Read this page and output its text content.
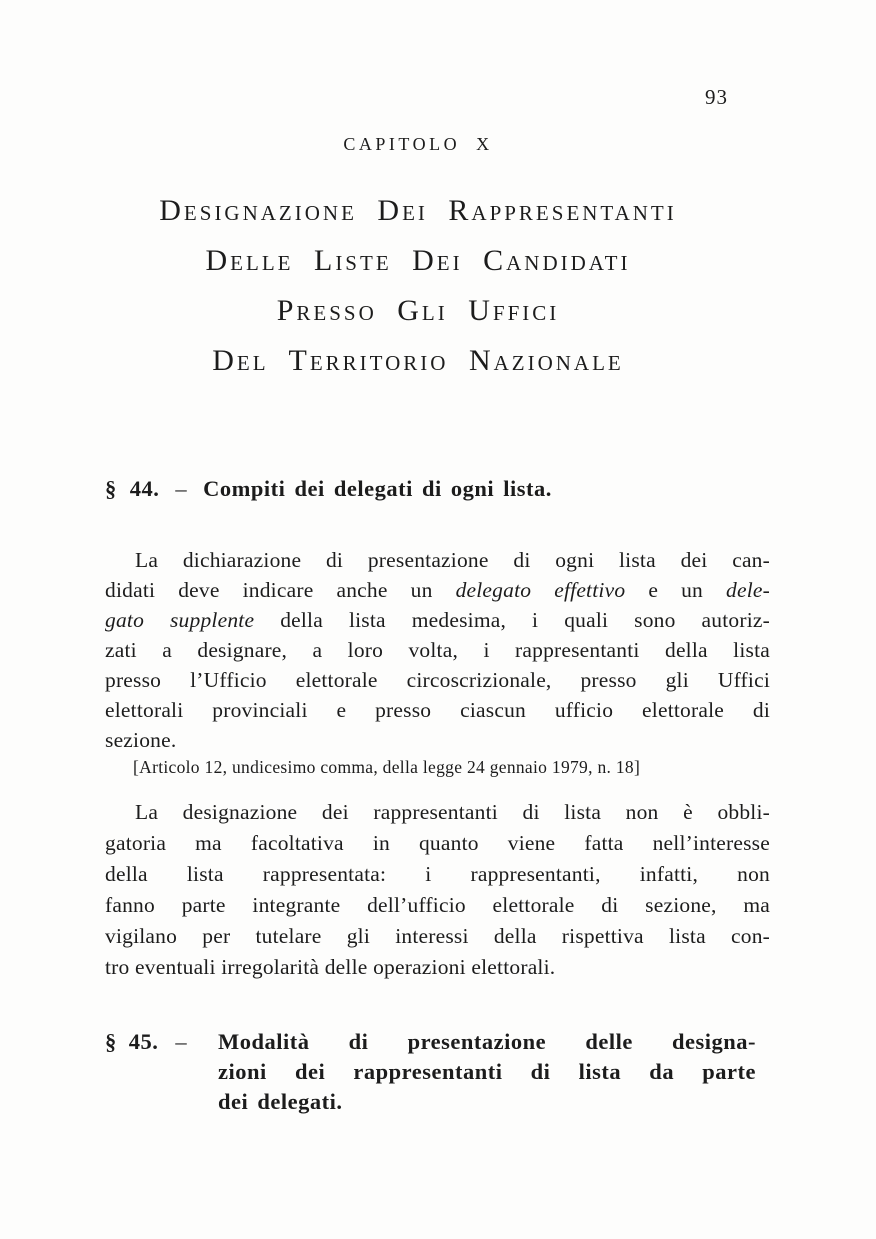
93
CAPITOLO X
Designazione Dei Rappresentanti
Delle Liste Dei Candidati
Presso Gli Uffici
Del Territorio Nazionale
§ 44. – Compiti dei delegati di ogni lista.
La dichiarazione di presentazione di ogni lista dei can-
didati deve indicare anche un delegato effettivo e un dele-
gato supplente della lista medesima, i quali sono autoriz-
zati a designare, a loro volta, i rappresentanti della lista
presso l’Ufficio elettorale circoscrizionale, presso gli Uffici
elettorali provinciali e presso ciascun ufficio elettorale di
sezione.
[Articolo 12, undicesimo comma, della legge 24 gennaio 1979, n. 18]
La designazione dei rappresentanti di lista non è obbli-
gatoria ma facoltativa in quanto viene fatta nell’interesse
della lista rappresentata: i rappresentanti, infatti, non
fanno parte integrante dell’ufficio elettorale di sezione, ma
vigilano per tutelare gli interessi della rispettiva lista con-
tro eventuali irregolarità delle operazioni elettorali.
§ 45. –	Modalità di presentazione delle designa-
zioni dei rappresentanti di lista da parte
dei delegati.
